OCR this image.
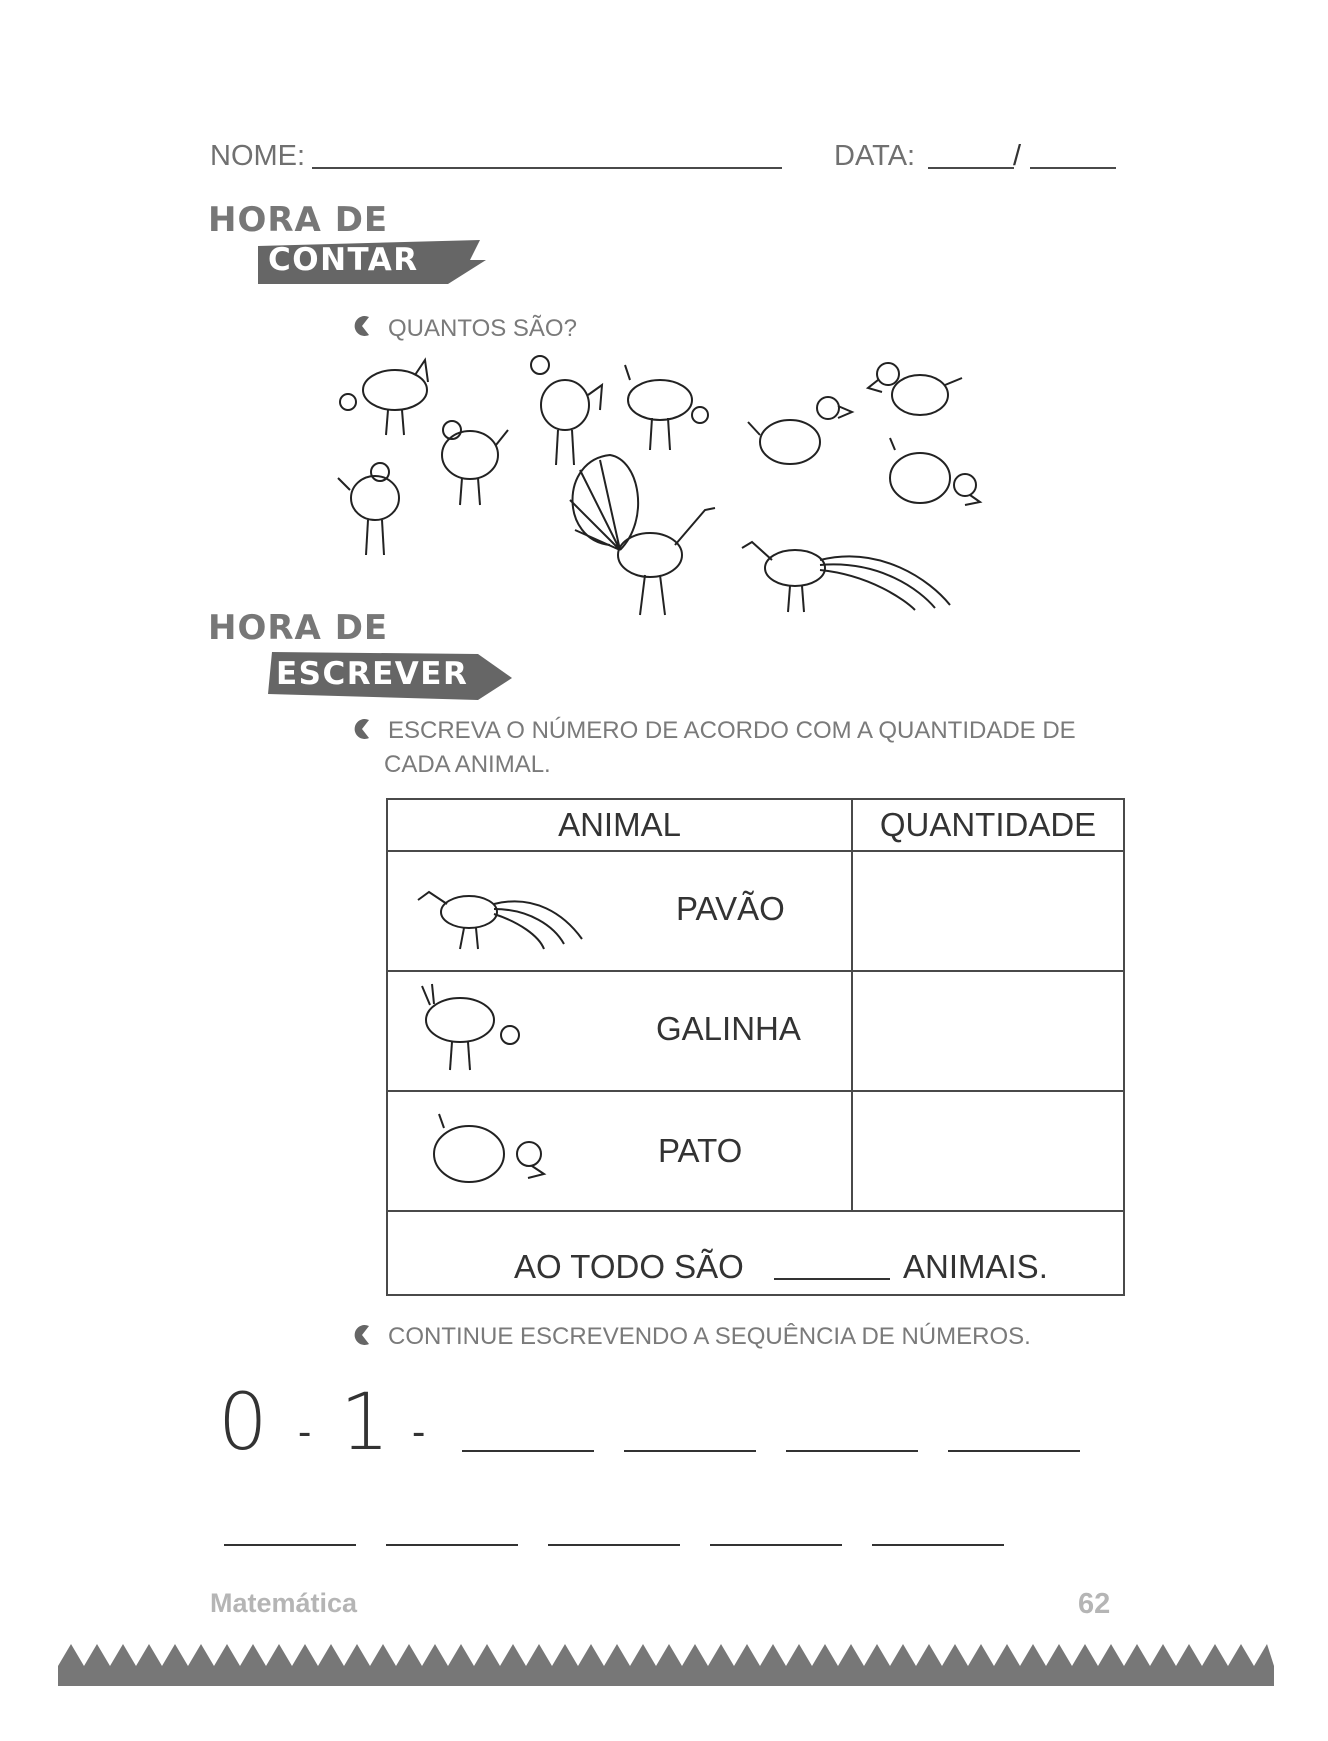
NOME:	DATA:	/
HORA DE
CONTAR
QUANTOS SÃO?
HORA DE
ESCREVER
ESCREVA O NÚMERO DE ACORDO COM A QUANTIDADE DE
CADA ANIMAL.
ANIMAL	QUANTIDADE

PAVÃO	

GALINHA	

PATO	

AO TODO SÃO ANIMAIS.	
CONTINUE ESCREVENDO A SEQUÊNCIA DE NÚMEROS.
0 - 1 -
Matemática	62
